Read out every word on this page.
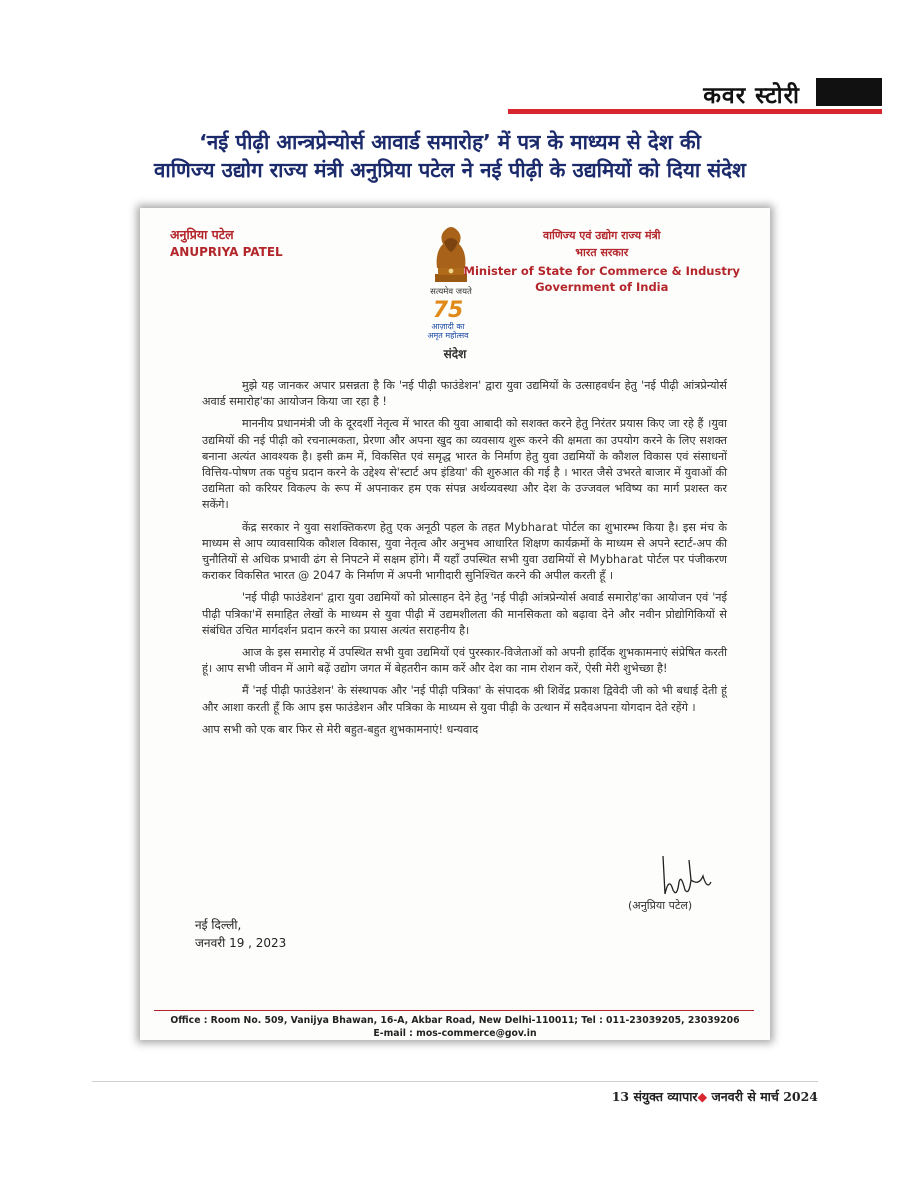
कवर स्टोरी
‘नई पीढ़ी आन्त्रप्रेन्योर्स आवार्ड समारोह’ में पत्र के माध्यम से देश की
वाणिज्य उद्योग राज्य मंत्री अनुप्रिया पटेल ने नई पीढ़ी के उद्यमियों को दिया संदेश
अनुप्रिया पटेल
ANUPRIYA PATEL
सत्यमेव जयते
75
आज़ादी का
अमृत महोत्सव
वाणिज्य एवं उद्योग राज्य मंत्री
भारत सरकार
Minister of State for Commerce & Industry
Government of India
संदेश

मुझे यह जानकर अपार प्रसन्नता है कि 'नई पीढ़ी फाउंडेशन' द्वारा युवा उद्यमियों के उत्साहवर्धन हेतु 'नई पीढ़ी आंत्रप्रेन्योर्स अवार्ड समारोह'का आयोजन किया जा रहा है !

माननीय प्रधानमंत्री जी के दूरदर्शी नेतृत्व में भारत की युवा आबादी को सशक्त करने हेतु निरंतर प्रयास किए जा रहे हैं ।युवा उद्यमियों की नई पीढ़ी को रचनात्मकता, प्रेरणा और अपना खुद का व्यवसाय शुरू करने की क्षमता का उपयोग करने के लिए सशक्त बनाना अत्यंत आवश्यक है। इसी क्रम में, विकसित एवं समृद्ध भारत के निर्माण हेतु युवा उद्यमियों के कौशल विकास एवं संसाधनों वित्तिय-पोषण तक पहुंच प्रदान करने के उद्देश्य से'स्टार्ट अप इंडिया' की शुरुआत की गई है । भारत जैसे उभरते बाजार में युवाओं की उद्यमिता को करियर विकल्प के रूप में अपनाकर हम एक संपन्न अर्थव्यवस्था और देश के उज्जवल भविष्य का मार्ग प्रशस्त कर सकेंगे।

केंद्र सरकार ने युवा सशक्तिकरण हेतु एक अनूठी पहल के तहत Mybharat पोर्टल का शुभारम्भ किया है। इस मंच के माध्यम से आप व्यावसायिक कौशल विकास, युवा नेतृत्व और अनुभव आधारित शिक्षण कार्यक्रमों के माध्यम से अपने स्टार्ट-अप की चुनौतियों से अधिक प्रभावी ढंग से निपटने में सक्षम होंगे। मैं यहाँ उपस्थित सभी युवा उद्यमियों से Mybharat पोर्टल पर पंजीकरण कराकर विकसित भारत @ 2047 के निर्माण में अपनी भागीदारी सुनिश्चित करने की अपील करती हूँ ।

'नई पीढ़ी फाउंडेशन' द्वारा युवा उद्यमियों को प्रोत्साहन देने हेतु 'नई पीढ़ी आंत्रप्रेन्योर्स अवार्ड समारोह'का आयोजन एवं 'नई पीढ़ी पत्रिका'में समाहित लेखों के माध्यम से युवा पीढ़ी में उद्यमशीलता की मानसिकता को बढ़ावा देने और नवीन प्रोद्योगिकियों से संबंधित उचित मार्गदर्शन प्रदान करने का प्रयास अत्यंत सराहनीय है।

आज के इस समारोह में उपस्थित सभी युवा उद्यमियों एवं पुरस्कार-विजेताओं को अपनी हार्दिक शुभकामनाएं संप्रेषित करती हूं। आप सभी जीवन में आगे बढ़ें उद्योग जगत में बेहतरीन काम करें और देश का नाम रोशन करें, ऐसी मेरी शुभेच्छा है!

मैं 'नई पीढ़ी फाउंडेशन' के संस्थापक और 'नई पीढ़ी पत्रिका' के संपादक श्री शिवेंद्र प्रकाश द्विवेदी जी को भी बधाई देती हूं और आशा करती हूँ कि आप इस फाउंडेशन और पत्रिका के माध्यम से युवा पीढ़ी के उत्थान में सदैवअपना योगदान देते रहेंगे ।

आप सभी को एक बार फिर से मेरी बहुत-बहुत शुभकामनाएं! धन्यवाद

(अनुप्रिया पटेल)
नई दिल्ली,
जनवरी 19 , 2023
Office : Room No. 509, Vanijya Bhawan, 16-A, Akbar Road, New Delhi-110011; Tel : 011-23039205, 23039206
E-mail : mos-commerce@gov.in
13 संयुक्त व्यापार◆ जनवरी से मार्च 2024
